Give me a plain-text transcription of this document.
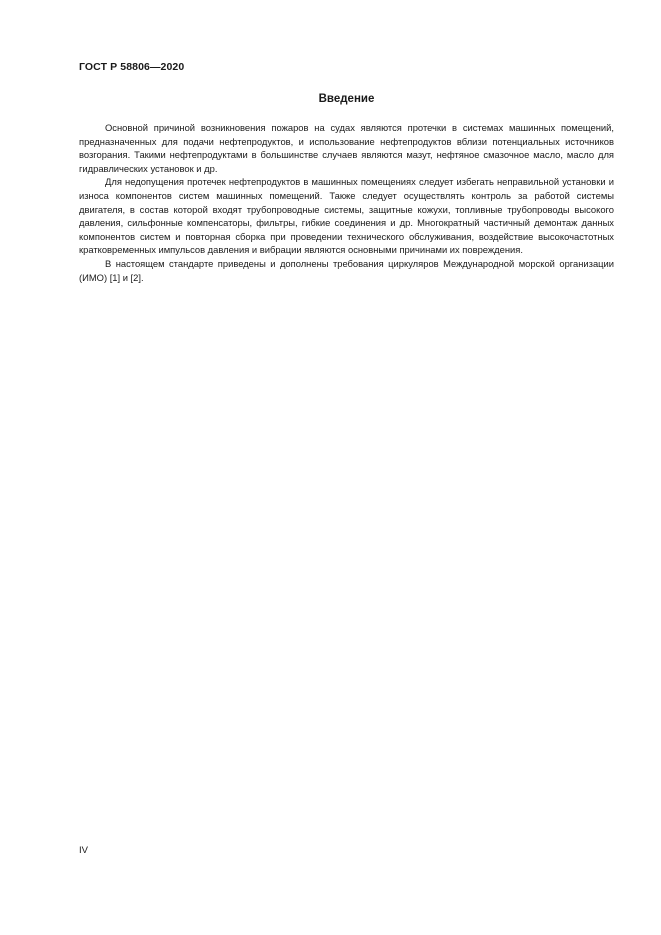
ГОСТ Р 58806—2020

Введение

Основной причиной возникновения пожаров на судах являются протечки в системах машинных помещений, предназначенных для подачи нефтепродуктов, и использование нефтепродуктов вблизи потенциальных источников возгорания. Такими нефтепродуктами в большинстве случаев являются мазут, нефтяное смазочное масло, масло для гидравлических установок и др.

Для недопущения протечек нефтепродуктов в машинных помещениях следует избегать неправильной установки и износа компонентов систем машинных помещений. Также следует осуществлять контроль за работой системы двигателя, в состав которой входят трубопроводные системы, защитные кожухи, топливные трубопроводы высокого давления, сильфонные компенсаторы, фильтры, гибкие соединения и др. Многократный частичный демонтаж данных компонентов систем и повторная сборка при проведении технического обслуживания, воздействие высокочастотных кратковременных импульсов давления и вибрации являются основными причинами их повреждения.

В настоящем стандарте приведены и дополнены требования циркуляров Международной морской организации (ИМО) [1] и [2].

IV
